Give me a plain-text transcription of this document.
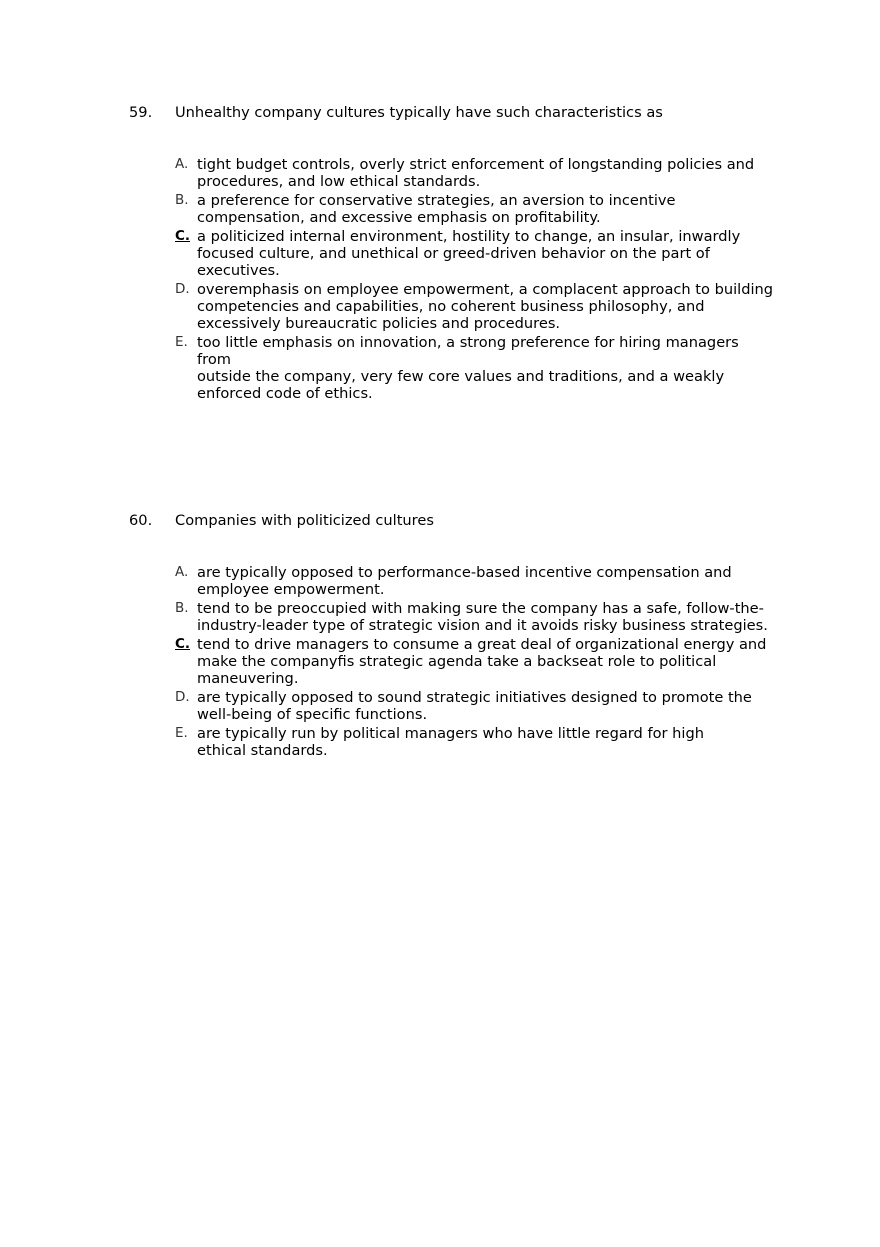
59. Unhealthy company cultures typically have such characteristics as
A. tight budget controls, overly strict enforcement of longstanding policies and
procedures, and low ethical standards.
B. a preference for conservative strategies, an aversion to incentive
compensation, and excessive emphasis on profitability.
C. a politicized internal environment, hostility to change, an insular, inwardly
focused culture, and unethical or greed-driven behavior on the part of
executives.
D. overemphasis on employee empowerment, a complacent approach to building
competencies and capabilities, no coherent business philosophy, and
excessively bureaucratic policies and procedures.
E. too little emphasis on innovation, a strong preference for hiring managers from
outside the company, very few core values and traditions, and a weakly
enforced code of ethics.
60. Companies with politicized cultures
A. are typically opposed to performance-based incentive compensation and
employee empowerment.
B. tend to be preoccupied with making sure the company has a safe, follow-the-
industry-leader type of strategic vision and it avoids risky business strategies.
C. tend to drive managers to consume a great deal of organizational energy and
make the companyfis strategic agenda take a backseat role to political
maneuvering.
D. are typically opposed to sound strategic initiatives designed to promote the
well-being of specific functions.
E. are typically run by political managers who have little regard for high
ethical standards.
